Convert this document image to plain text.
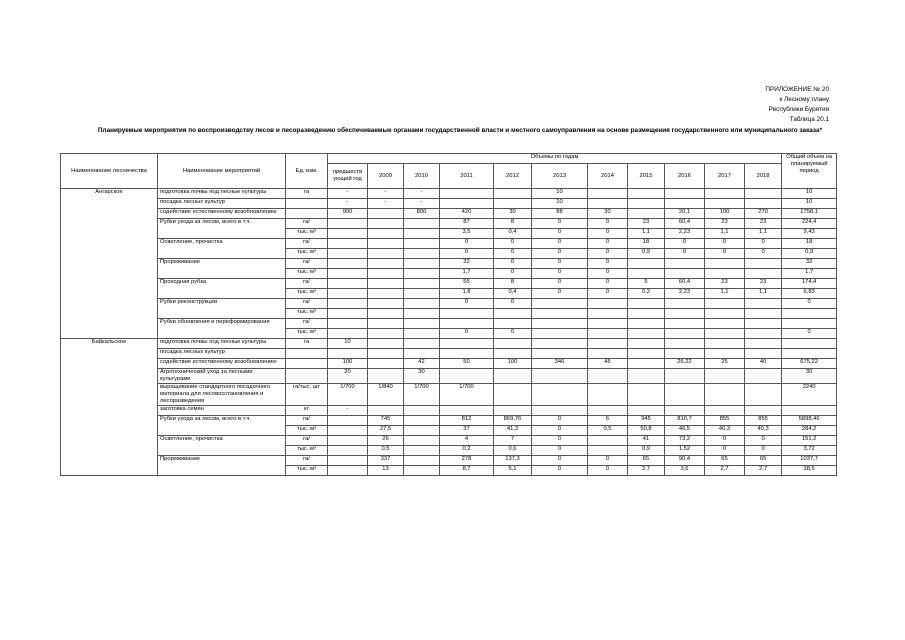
ПРИЛОЖЕНИЕ № 20
к Лесному плану
Республики Бурятия
Таблица 20.1
Планируемые мероприятия по воспроизводству лесов и лесоразведению обеспечиваемые органами государственной власти и местного самоуправления на основе размещения государственного или муниципального заказа*
Наименование лесничества	Наименование мероприятий	Ед. изм.	Объемы по годам											Общий объем на планируемый период
			предшеств ующий год	2009	2010	2011	2012	2013	2014	2015	2016	2017	2018	
Ангарское	подготовка почвы под лесные культуры	га	-	-	-			10						10
	посадка лесных культур		-	-	-			10						10
	содействие естественному возобновлению		900		800	420	30	88	30		20,1	100	270	1758,1
	Рубки ухода за лесом, всего в т.ч.	га/				87	8	0	0	23	60,4	23	23	224,4
		тыс. м³				3,5	0,4	0	0	1,1	2,23	1,1	1,1	9,43
	Осветление, прочистка	га/				0	0	0	0	18	0	0	0	18
		тыс. м³				0	0	0	0	0,9	0	0	0	0,9
	Прореживание	га/				32	0	0	0					32
		тыс. м³				1,7	0	0	0					1,7
	Проходная рубка	га/				55	8	0	0	5	60,4	23	23	174,4
		тыс. м³				1,8	0,4	0	0	0,2	2,23	1,1	1,1	6,83
	Рубки реконструкции	га/				0	0							0
		тыс. м³												
	Рубки обновления и переформирования	га/												
		тыс. м³				0	0							0
Байкальское	подготовка почвы под лесные культуры	га	10											
	посадка лесных культур													
	содействие естественному возобновлению		100		42	50	100	346	45		26,22	25	40	675,22
	Агротехнический уход за лесными культурами		20		30									30
	выращивание стандартного посадочного материала для лесовосстановления и лесоразведения	га/тыс. шт	1/700	1/840	1/700	1/700								2240
	заготовка семян	кг	-											
	Рубки ухода за лесом, всего в т.ч.	га/		745		812	869,76	0	6	945	810,7	855	855	5898,46
		тыс. м³		27,5		37	41,3	0	0,5	50,8	46,5	40,3	40,3	284,2
	Осветление, прочистка	га/		26		4	7	0		41	73,2	0	0	151,2
		тыс. м³		0,5		0,2	0,6	0		0,9	1,52	0	0	3,72
	Прореживание	га/		337		278	137,3	0	0	65	90,4	65	65	1037,7
		тыс. м³		13		8,7	5,1	0	0	2,7	3,6	2,7	2,7	38,5
